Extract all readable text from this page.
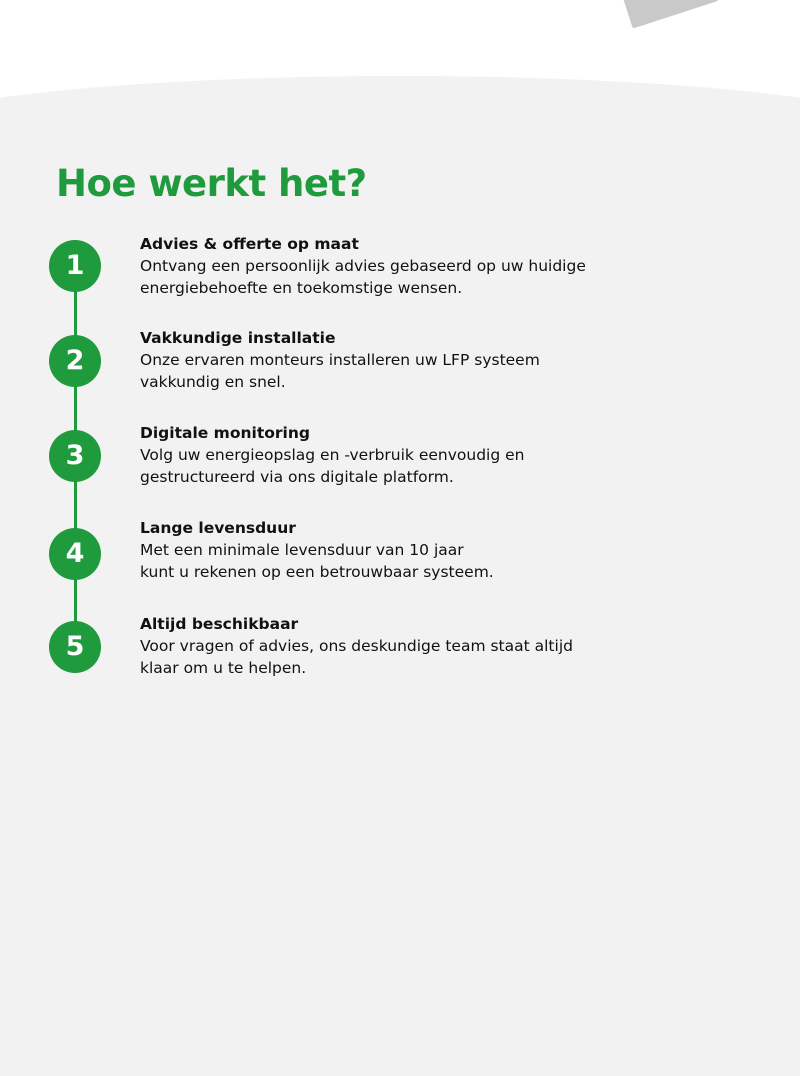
Hoe werkt het?
1
Advies & offerte op maat
Ontvang een persoonlijk advies gebaseerd op uw huidige
energiebehoefte en toekomstige wensen.
2
Vakkundige installatie
Onze ervaren monteurs installeren uw LFP systeem
vakkundig en snel.
3
Digitale monitoring
Volg uw energieopslag en -verbruik eenvoudig en
gestructureerd via ons digitale platform.
4
Lange levensduur
Met een minimale levensduur van 10 jaar
kunt u rekenen op een betrouwbaar systeem.
5
Altijd beschikbaar
Voor vragen of advies, ons deskundige team staat altijd
klaar om u te helpen.
